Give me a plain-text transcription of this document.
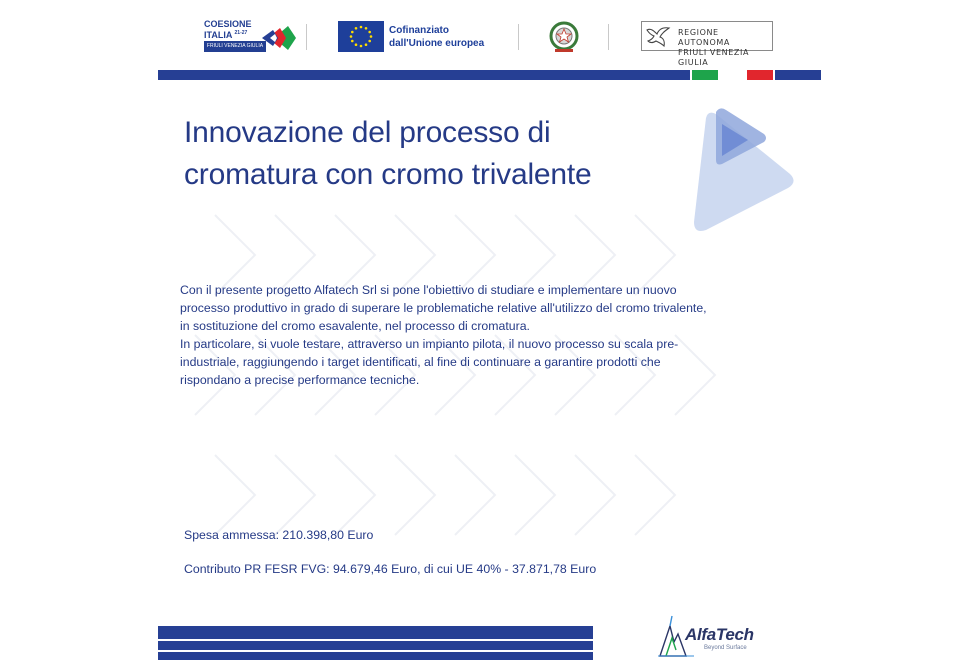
COESIONE
ITALIA $^{21-27}$
FRIULI VENEZIA GIULIA
Cofinanziato
dall'Unione europea
REGIONE AUTONOMA
FRIULI VENEZIA GIULIA
Innovazione del processo di
cromatura con cromo trivalente

Con il presente progetto Alfatech Srl si pone l'obiettivo di studiare e implementare un nuovo
processo produttivo in grado di superare le problematiche relative all'utilizzo del cromo trivalente,
in sostituzione del cromo esavalente, nel processo di cromatura.
In particolare, si vuole testare, attraverso un impianto pilota, il nuovo processo su scala pre-
industriale, raggiungendo i target identificati, al fine di continuare a garantire prodotti che
rispondano a precise performance tecniche.

Spesa ammessa: 210.398,80 Euro

Contributo PR FESR FVG: 94.679,46 Euro, di cui UE 40% - 37.871,78 Euro

AlfaTech
Beyond Surface
